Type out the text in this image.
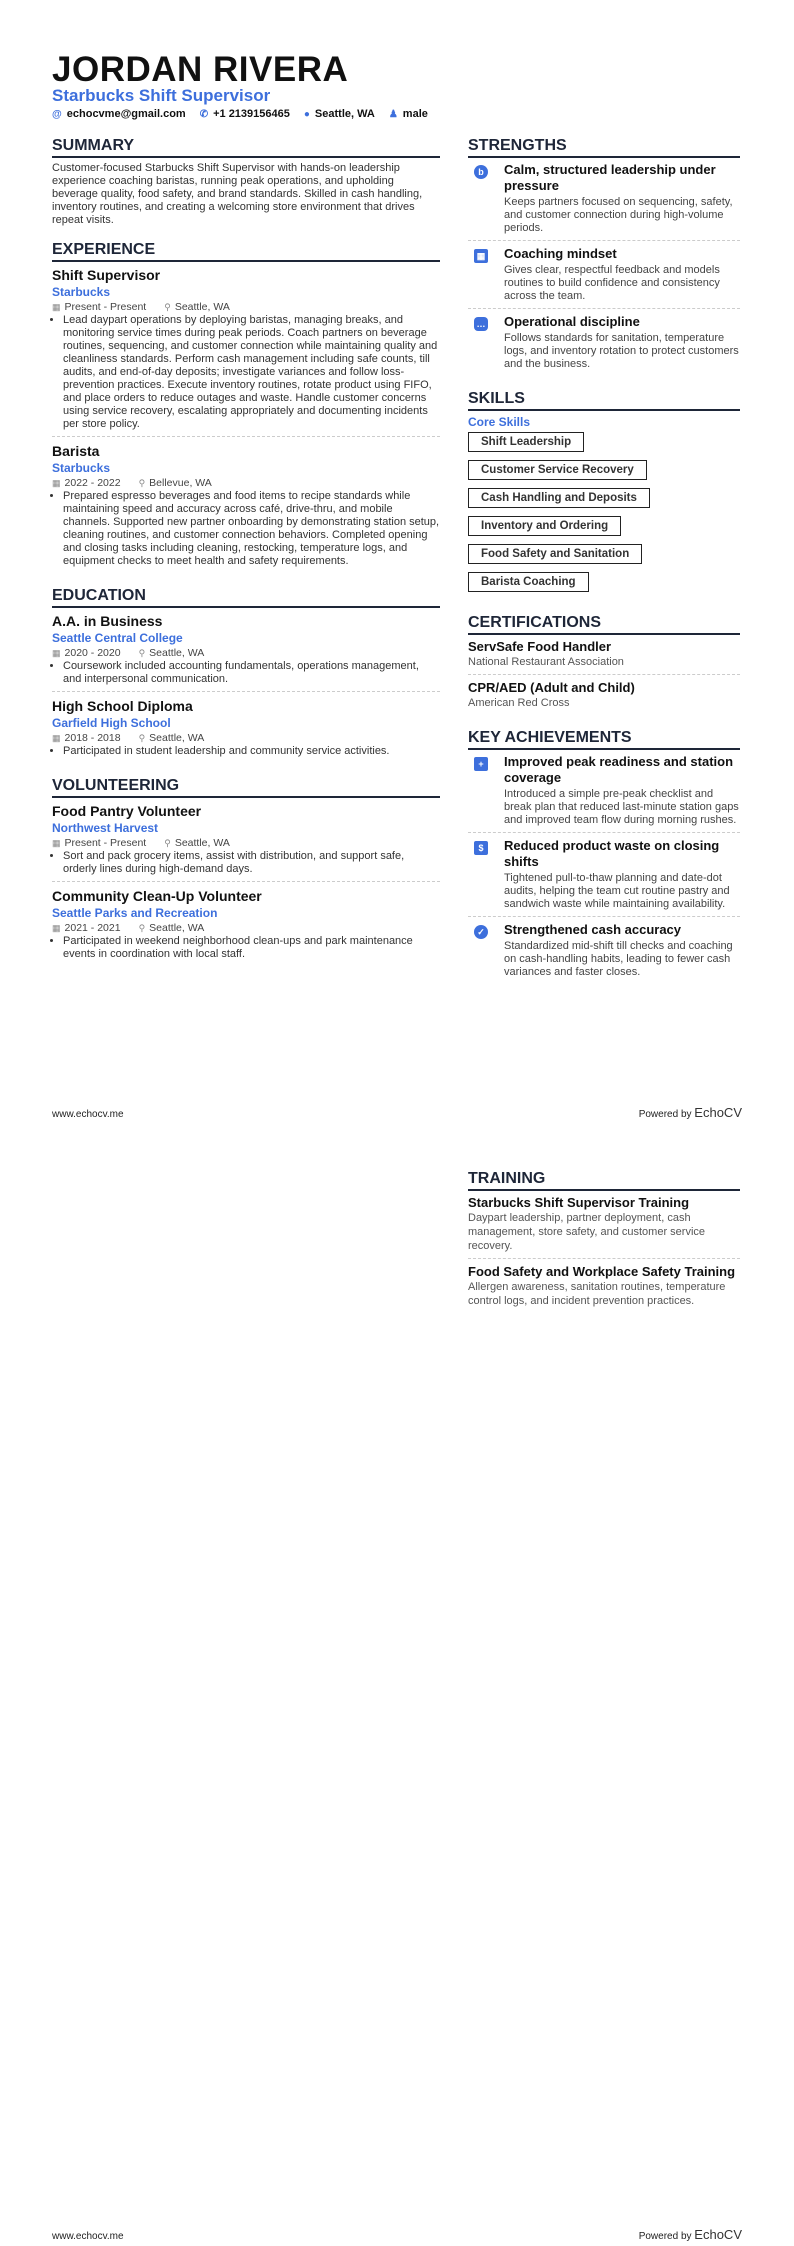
JORDAN RIVERA
Starbucks Shift Supervisor
@ echocvme@gmail.com ✆ +1 2139156465 ● Seattle, WA ♟ male
SUMMARY
Customer-focused Starbucks Shift Supervisor with hands-on leadership experience coaching baristas, running peak operations, and upholding beverage quality, food safety, and brand standards. Skilled in cash handling, inventory routines, and creating a welcoming store environment that drives repeat visits.
EXPERIENCE
Shift Supervisor
Starbucks
▦ Present - Present ⚲ Seattle, WA
• Lead daypart operations by deploying baristas, managing breaks, and monitoring service times during peak periods. Coach partners on beverage routines, sequencing, and customer connection while maintaining quality and cleanliness standards. Perform cash management including safe counts, till audits, and end-of-day deposits; investigate variances and follow loss-prevention practices. Execute inventory routines, rotate product using FIFO, and place orders to reduce outages and waste. Handle customer concerns using service recovery, escalating appropriately and documenting incidents per store policy.
Barista
Starbucks
▦ 2022 - 2022 ⚲ Bellevue, WA
• Prepared espresso beverages and food items to recipe standards while maintaining speed and accuracy across café, drive-thru, and mobile channels. Supported new partner onboarding by demonstrating station setup, cleaning routines, and customer connection behaviors. Completed opening and closing tasks including cleaning, restocking, temperature logs, and equipment checks to meet health and safety requirements.
EDUCATION
A.A. in Business
Seattle Central College
▦ 2020 - 2020 ⚲ Seattle, WA
• Coursework included accounting fundamentals, operations management, and interpersonal communication.
High School Diploma
Garfield High School
▦ 2018 - 2018 ⚲ Seattle, WA
• Participated in student leadership and community service activities.
VOLUNTEERING
Food Pantry Volunteer
Northwest Harvest
▦ Present - Present ⚲ Seattle, WA
• Sort and pack grocery items, assist with distribution, and support safe, orderly lines during high-demand days.
Community Clean-Up Volunteer
Seattle Parks and Recreation
▦ 2021 - 2021 ⚲ Seattle, WA
• Participated in weekend neighborhood clean-ups and park maintenance events in coordination with local staff.
STRENGTHS
b	Calm, structured leadership under pressure
Keeps partners focused on sequencing, safety, and customer connection during high-volume periods.
▦ Coaching mindset
Gives clear, respectful feedback and models routines to build confidence and consistency across the team.
… Operational discipline
Follows standards for sanitation, temperature logs, and inventory rotation to protect customers and the business.
SKILLS
Core Skills
Shift Leadership
Customer Service Recovery
Cash Handling and Deposits
Inventory and Ordering
Food Safety and Sanitation
Barista Coaching
CERTIFICATIONS
ServSafe Food Handler
National Restaurant Association
CPR/AED (Adult and Child)
American Red Cross
KEY ACHIEVEMENTS
+	Improved peak readiness and station coverage
Introduced a simple pre-peak checklist and break plan that reduced last-minute station gaps and improved team flow during morning rushes.
$	Reduced product waste on closing shifts
Tightened pull-to-thaw planning and date-dot audits, helping the team cut routine pastry and sandwich waste while maintaining availability.
✓ Strengthened cash accuracy
Standardized mid-shift till checks and coaching on cash-handling habits, leading to fewer cash variances and faster closes.
www.echocv.me	Powered by EchoCV
TRAINING
Starbucks Shift Supervisor Training
Daypart leadership, partner deployment, cash management, store safety, and customer service recovery.
Food Safety and Workplace Safety Training
Allergen awareness, sanitation routines, temperature control logs, and incident prevention practices.
www.echocv.me	Powered by EchoCV
